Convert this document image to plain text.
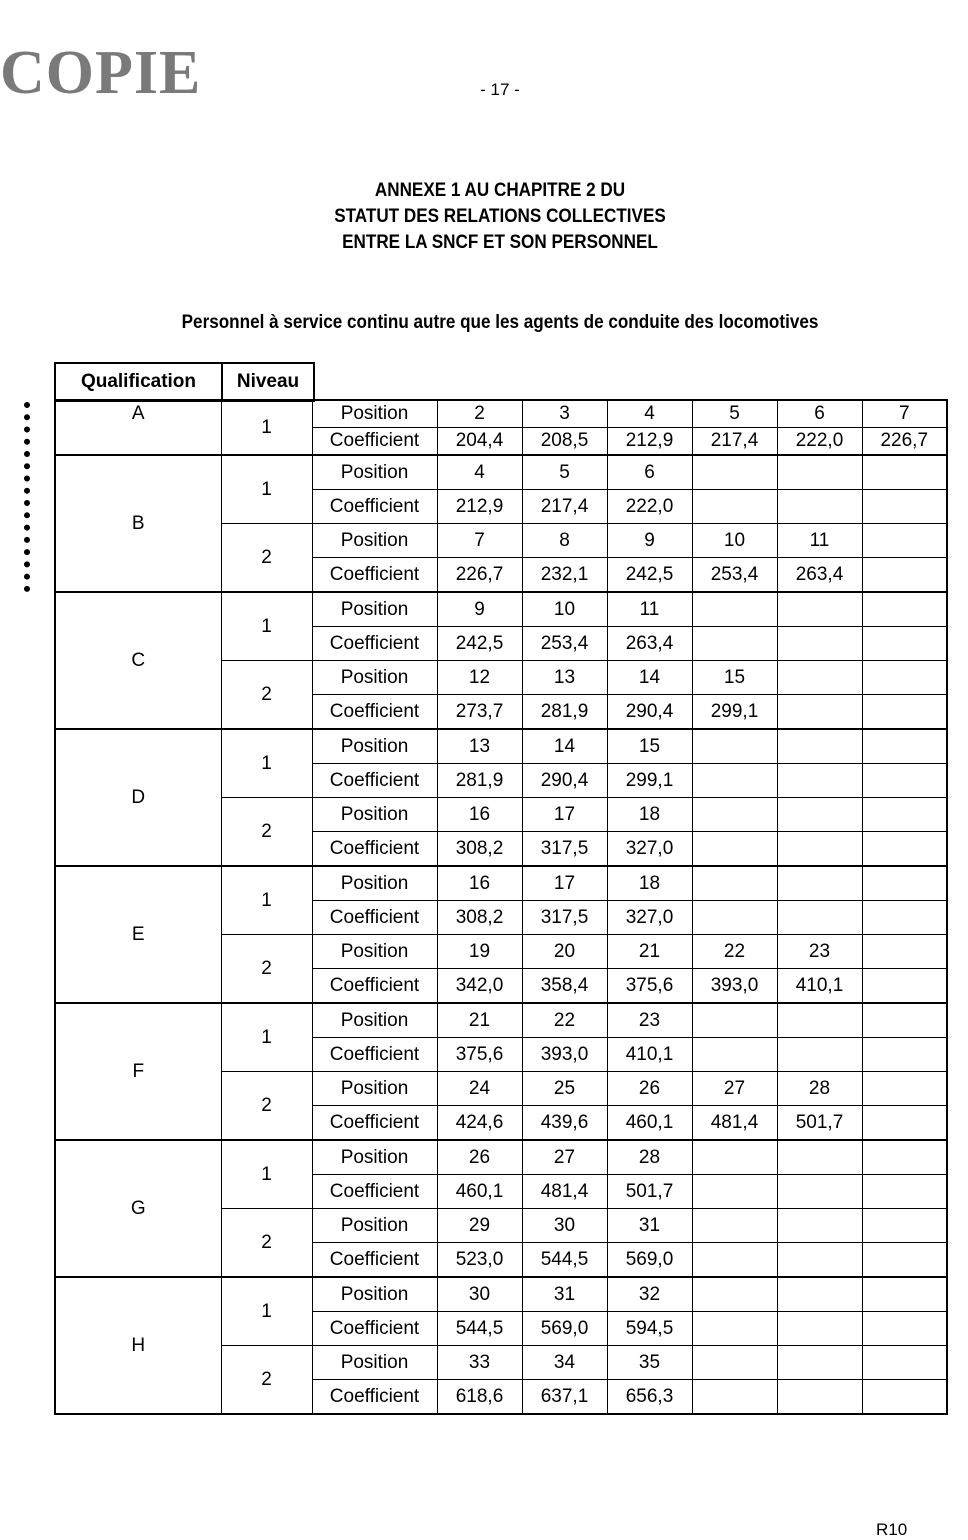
COPIE	- 17 -
ANNEXE 1 AU CHAPITRE 2 DU
STATUT DES RELATIONS COLLECTIVES
ENTRE LA SNCF ET SON PERSONNEL
Personnel à service continu autre que les agents de conduite des locomotives
Qualification	Niveau
A	1	Position	2	3	4	5	6	7
		Coefficient	204,4	208,5	212,9	217,4	222,0	226,7
B	1	Position	4	5	6			
		Coefficient	212,9	217,4	222,0			
	2	Position	7	8	9	10	11	
		Coefficient	226,7	232,1	242,5	253,4	263,4	
C	1	Position	9	10	11			
		Coefficient	242,5	253,4	263,4			
	2	Position	12	13	14	15		
		Coefficient	273,7	281,9	290,4	299,1		
D	1	Position	13	14	15			
		Coefficient	281,9	290,4	299,1			
	2	Position	16	17	18			
		Coefficient	308,2	317,5	327,0			
E	1	Position	16	17	18			
		Coefficient	308,2	317,5	327,0			
	2	Position	19	20	21	22	23	
		Coefficient	342,0	358,4	375,6	393,0	410,1	
F	1	Position	21	22	23			
		Coefficient	375,6	393,0	410,1			
	2	Position	24	25	26	27	28	
		Coefficient	424,6	439,6	460,1	481,4	501,7	
G	1	Position	26	27	28			
		Coefficient	460,1	481,4	501,7			
	2	Position	29	30	31			
		Coefficient	523,0	544,5	569,0			
H	1	Position	30	31	32			
		Coefficient	544,5	569,0	594,5			
	2	Position	33	34	35			
		Coefficient	618,6	637,1	656,3			
R10
